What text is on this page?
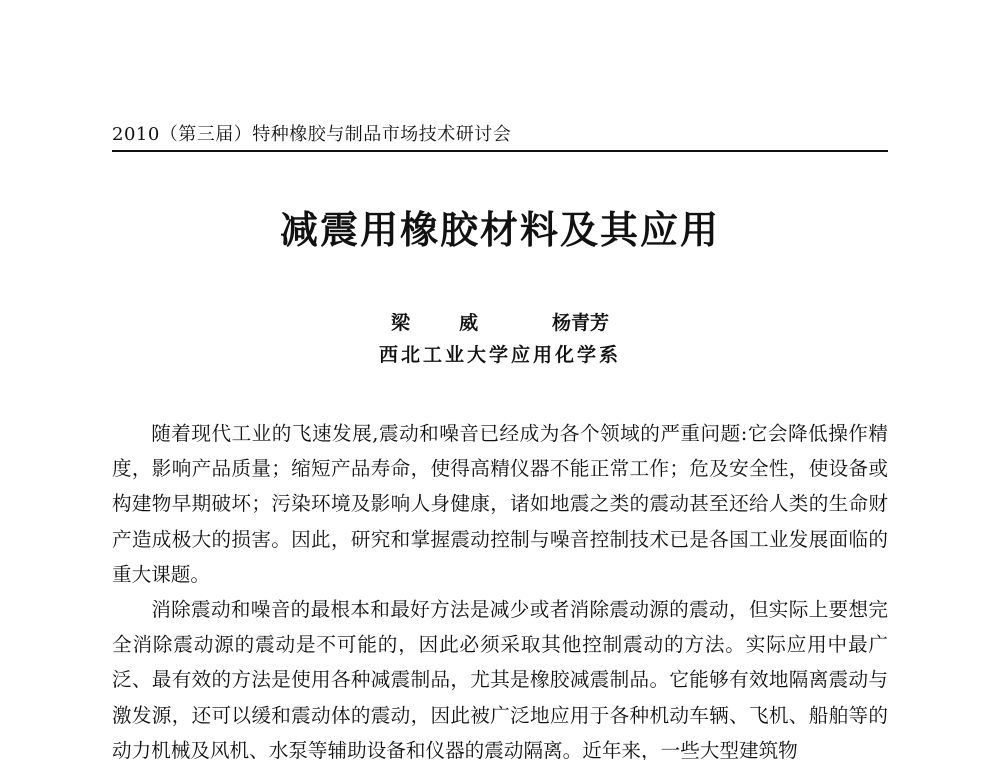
2010（第三届）特种橡胶与制品市场技术研讨会
减震用橡胶材料及其应用
梁  威   杨青芳
西北工业大学应用化学系

随着现代工业的飞速发展,震动和噪音已经成为各个领域的严重问题:它会降低操作精度，影响产品质量；缩短产品寿命，使得高精仪器不能正常工作；危及安全性，使设备或构建物早期破坏；污染环境及影响人身健康，诸如地震之类的震动甚至还给人类的生命财产造成极大的损害。因此，研究和掌握震动控制与噪音控制技术已是各国工业发展面临的重大课题。

消除震动和噪音的最根本和最好方法是减少或者消除震动源的震动，但实际上要想完全消除震动源的震动是不可能的，因此必须采取其他控制震动的方法。实际应用中最广泛、最有效的方法是使用各种减震制品，尤其是橡胶减震制品。它能够有效地隔离震动与激发源，还可以缓和震动体的震动，因此被广泛地应用于各种机动车辆、飞机、船舶等的动力机械及风机、水泵等辅助设备和仪器的震动隔离。近年来，一些大型建筑物
